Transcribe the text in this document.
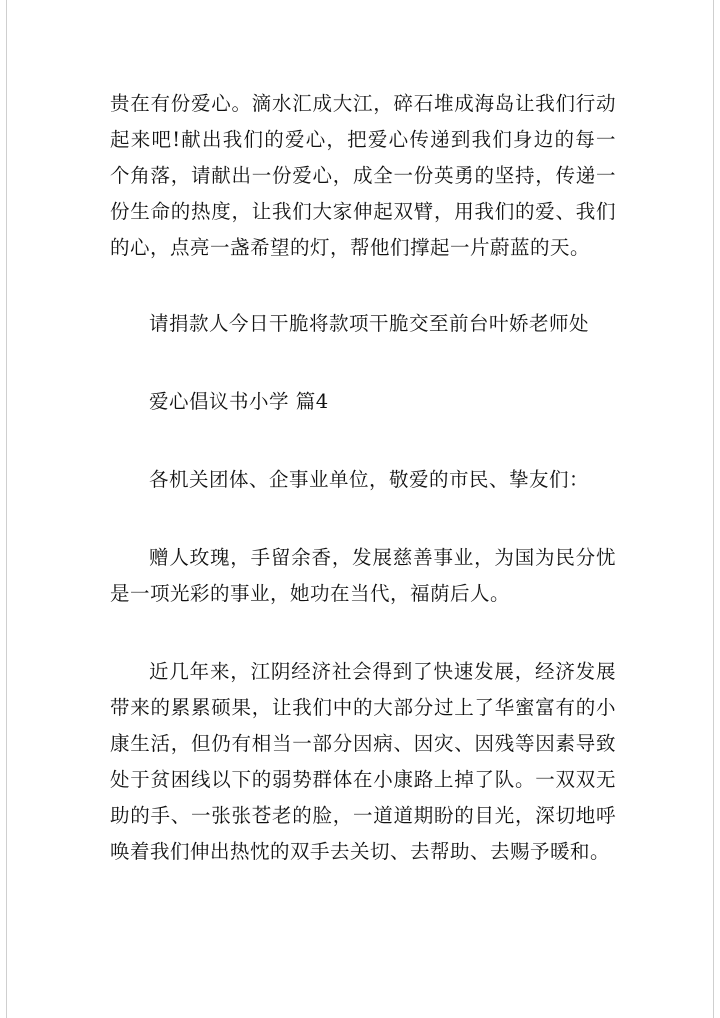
贵在有份爱心。滴水汇成大江，碎石堆成海岛让我们行动起来吧!献出我们的爱心，把爱心传递到我们身边的每一个角落，请献出一份爱心，成全一份英勇的坚持，传递一份生命的热度，让我们大家伸起双臂，用我们的爱、我们的心，点亮一盏希望的灯，帮他们撑起一片蔚蓝的天。

请捐款人今日干脆将款项干脆交至前台叶娇老师处

爱心倡议书小学 篇4

各机关团体、企事业单位，敬爱的市民、挚友们：

赠人玫瑰，手留余香，发展慈善事业，为国为民分忧是一项光彩的事业，她功在当代，福荫后人。

近几年来，江阴经济社会得到了快速发展，经济发展带来的累累硕果，让我们中的大部分过上了华蜜富有的小康生活，但仍有相当一部分因病、因灾、因残等因素导致处于贫困线以下的弱势群体在小康路上掉了队。一双双无助的手、一张张苍老的脸，一道道期盼的目光，深切地呼唤着我们伸出热忱的双手去关切、去帮助、去赐予暖和。
